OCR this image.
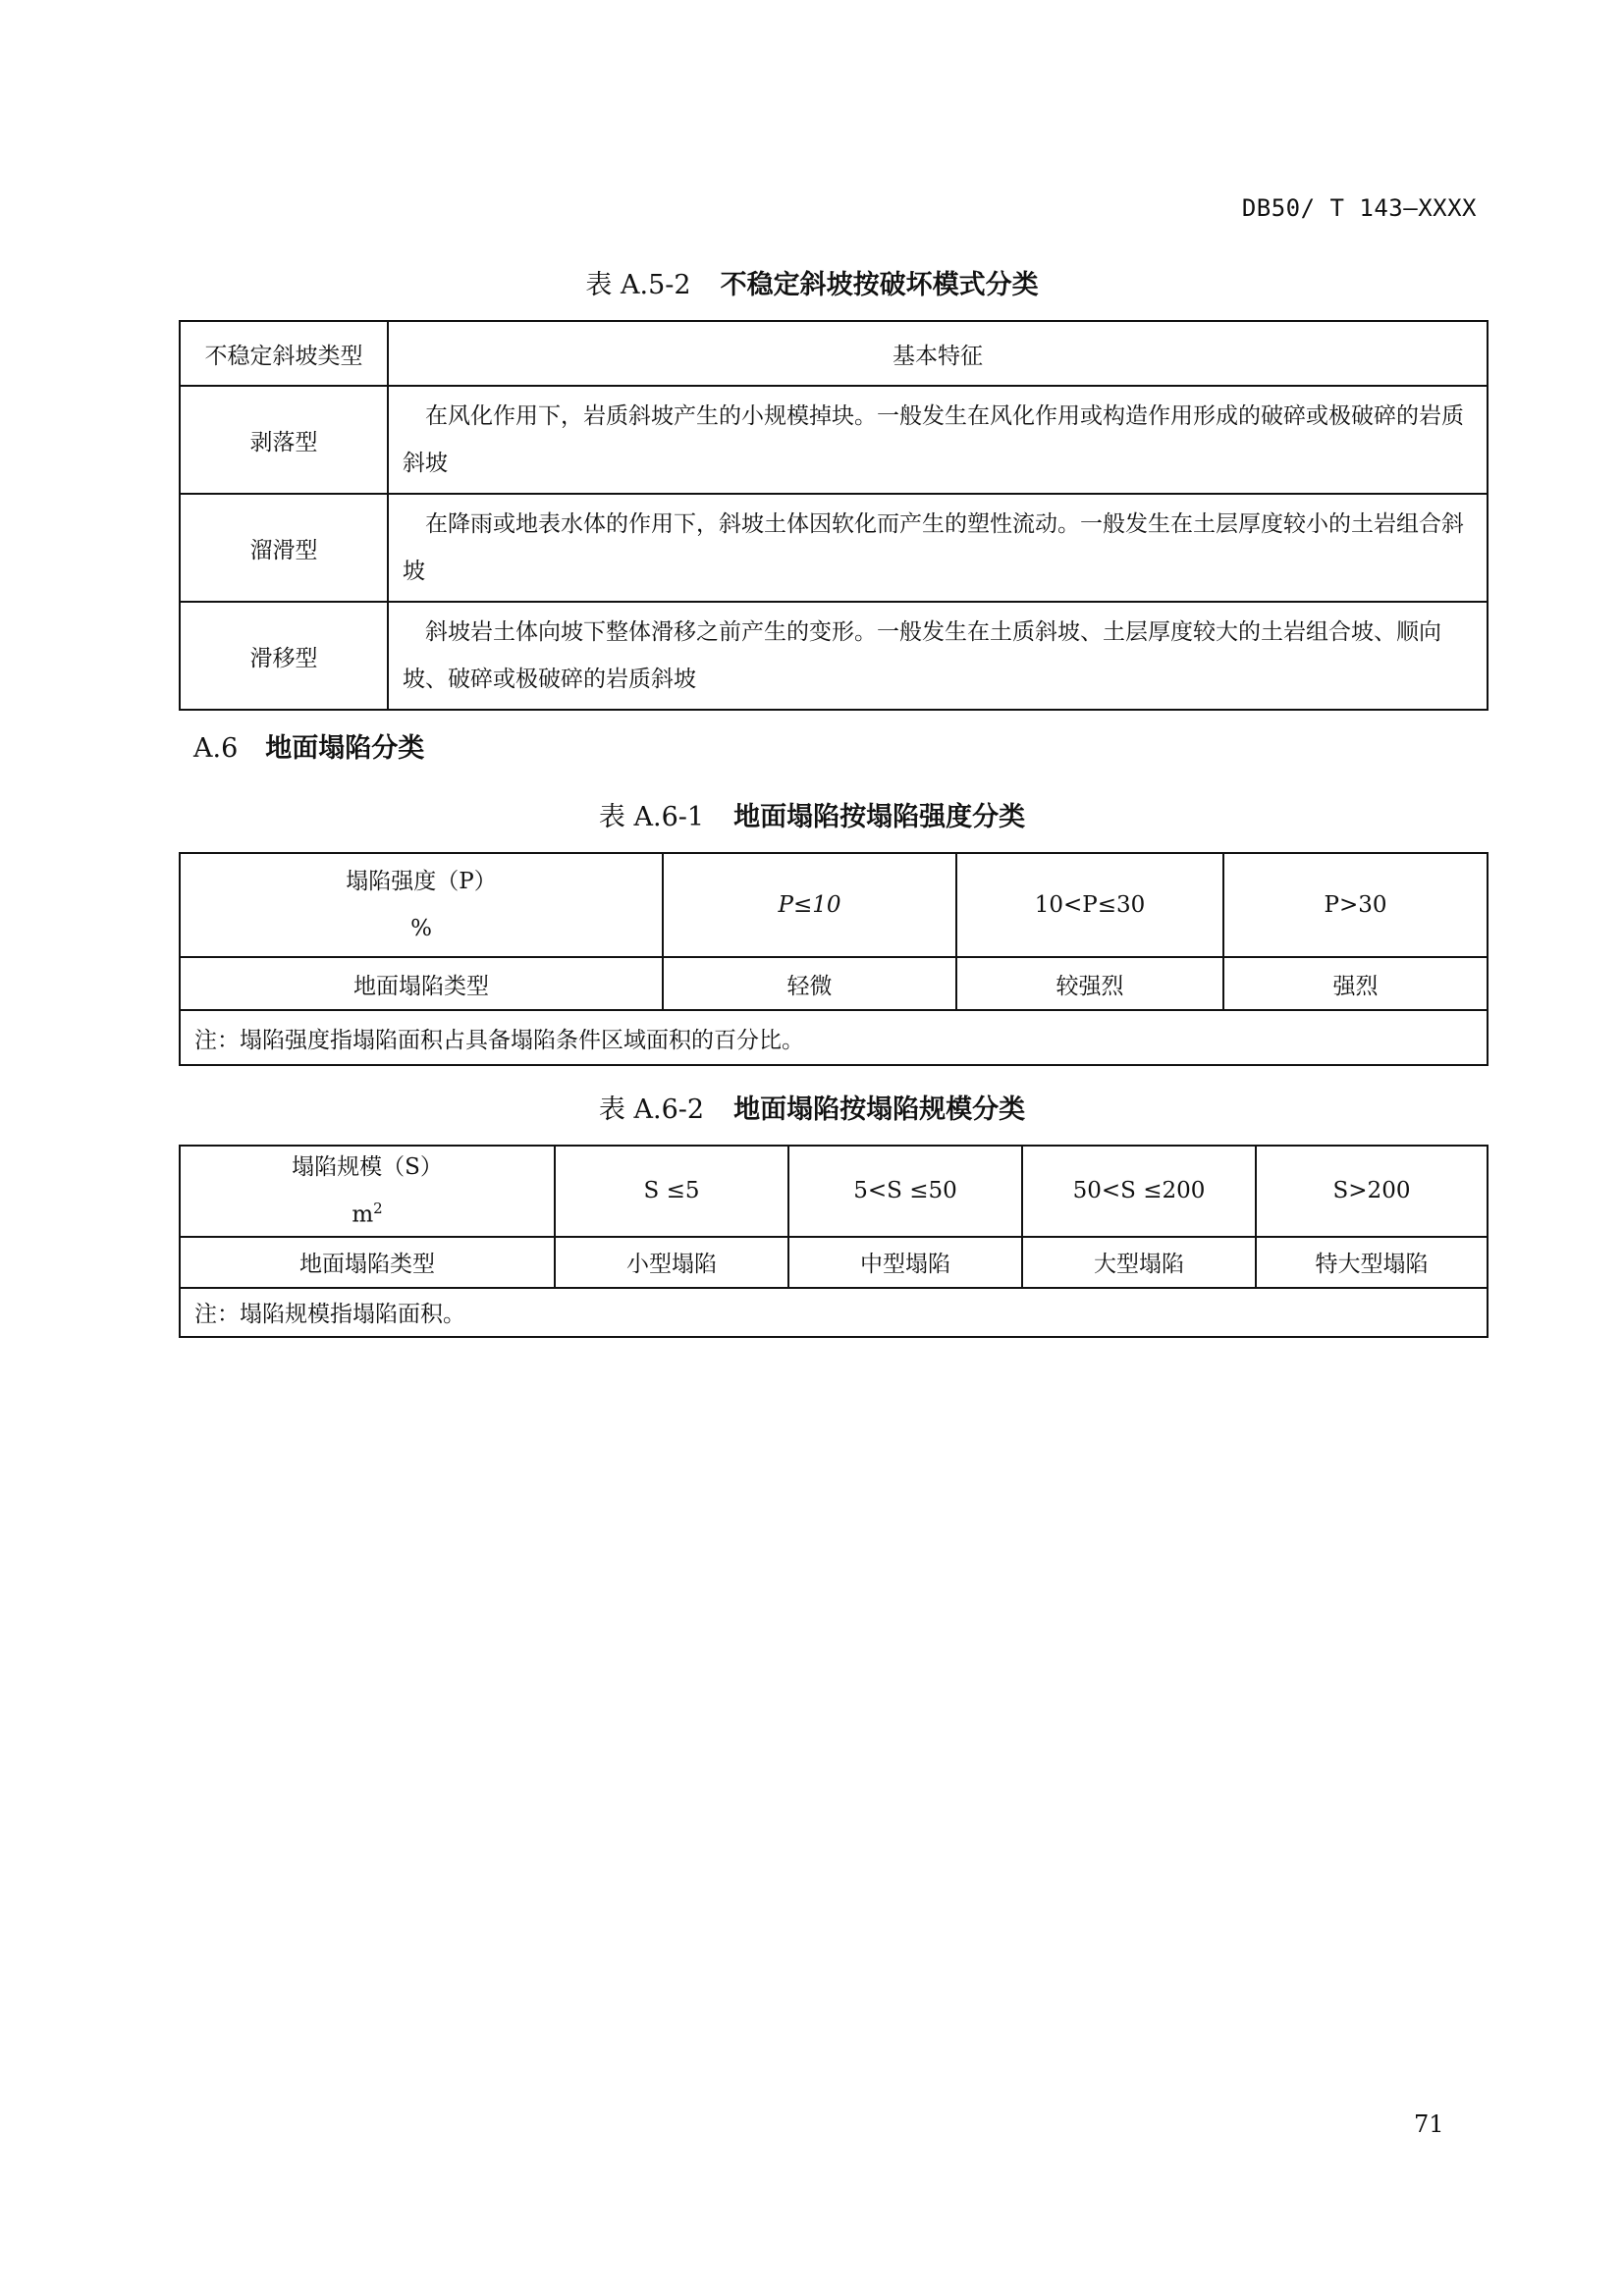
DB50/ T 143—XXXX
表 A.5-2 不稳定斜坡按破坏模式分类
不稳定斜坡类型	基本特征
剥落型	在风化作用下，岩质斜坡产生的小规模掉块。一般发生在风化作用或构造作用形成的破碎或极破碎的岩质斜坡
溜滑型	在降雨或地表水体的作用下，斜坡土体因软化而产生的塑性流动。一般发生在土层厚度较小的土岩组合斜坡
滑移型	斜坡岩土体向坡下整体滑移之前产生的变形。一般发生在土质斜坡、土层厚度较大的土岩组合坡、顺向坡、破碎或极破碎的岩质斜坡
A.6 地面塌陷分类
表 A.6-1 地面塌陷按塌陷强度分类
塌陷强度（P）
%	P≤10	10<P≤30	P>30
地面塌陷类型	轻微	较强烈	强烈
注：塌陷强度指塌陷面积占具备塌陷条件区域面积的百分比。			
表 A.6-2 地面塌陷按塌陷规模分类
塌陷规模（S）
$m^2$	S ≤5	5<S ≤50	50<S ≤200	S>200
地面塌陷类型	小型塌陷	中型塌陷	大型塌陷	特大型塌陷
注：塌陷规模指塌陷面积。				
71
